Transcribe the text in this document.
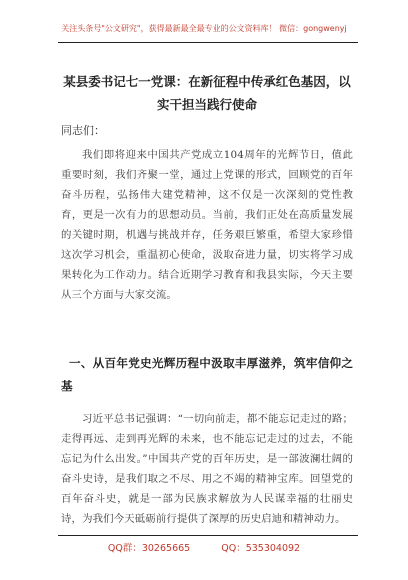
关注头条号"公文研究"，获得最新最全最专业的公文资料库！ 微信：gongwenyj
某县委书记七一党课：在新征程中传承红色基因，以实干担当践行使命
同志们：
我们即将迎来中国共产党成立104周年的光辉节日，值此重要时刻，我们齐聚一堂，通过上党课的形式，回顾党的百年奋斗历程，弘扬伟大建党精神，这不仅是一次深刻的党性教育，更是一次有力的思想动员。当前，我们正处在高质量发展的关键时期，机遇与挑战并存，任务艰巨繁重，希望大家珍惜这次学习机会，重温初心使命，汲取奋进力量，切实将学习成果转化为工作动力。结合近期学习教育和我县实际，今天主要从三个方面与大家交流。
一、从百年党史光辉历程中汲取丰厚滋养，筑牢信仰之基
习近平总书记强调：“一切向前走，都不能忘记走过的路；走得再远、走到再光辉的未来，也不能忘记走过的过去，不能忘记为什么出发。”中国共产党的百年历史，是一部波澜壮阔的奋斗史诗，是我们取之不尽、用之不竭的精神宝库。回望党的百年奋斗史，就是一部为民族求解放为人民谋幸福的壮丽史诗，为我们今天砥砺前行提供了深厚的历史启迪和精神动力。
QQ群：30265665	QQ：535304092
